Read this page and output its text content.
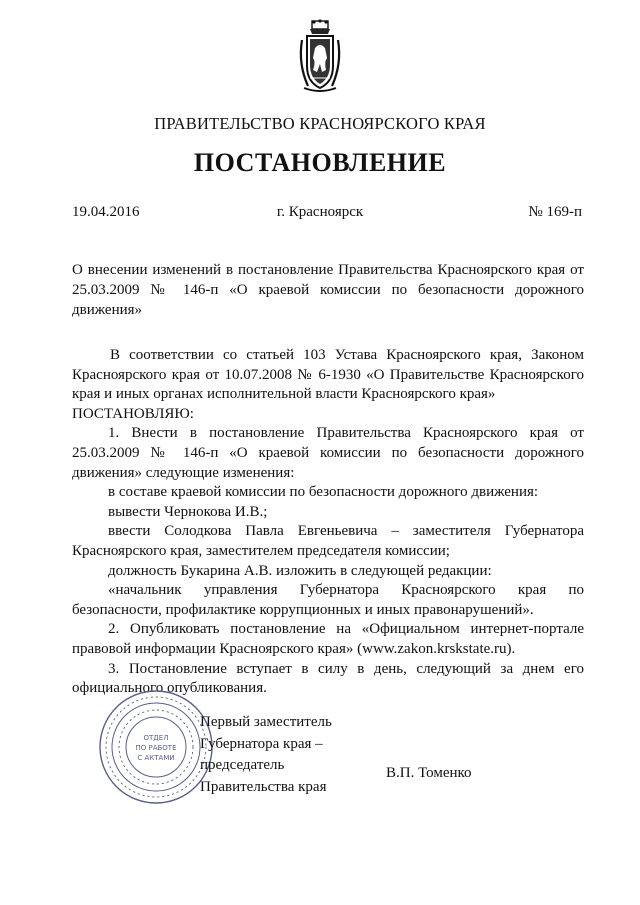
ПРАВИТЕЛЬСТВО КРАСНОЯРСКОГО КРАЯ
ПОСТАНОВЛЕНИЕ
19.04.2016	г. Красноярск	№ 169-п
О внесении изменений в постановление Правительства Красноярского края от 25.03.2009 № 146-п «О краевой комиссии по безопасности дорожного движения»

В соответствии со статьей 103 Устава Красноярского края, Законом Красноярского края от 10.07.2008 № 6-1930 «О Правительстве Красноярского края и иных органах исполнительной власти Красноярского края»

ПОСТАНОВЛЯЮ:

1. Внести в постановление Правительства Красноярского края от 25.03.2009 № 146-п «О краевой комиссии по безопасности дорожного движения» следующие изменения:

в составе краевой комиссии по безопасности дорожного движения:

вывести Чернокова И.В.;

ввести Солодкова Павла Евгеньевича – заместителя Губернатора Красноярского края, заместителем председателя комиссии;

должность Букарина А.В. изложить в следующей редакции:

«начальник управления Губернатора Красноярского края по безопасности, профилактике коррупционных и иных правонарушений».

2. Опубликовать постановление на «Официальном интернет-портале правовой информации Красноярского края» (www.zakon.krskstate.ru).

3. Постановление вступает в силу в день, следующий за днем его официального опубликования.

ОТДЕЛ
ПО РАБОТЕ
С АКТАМИ
Первый заместитель
Губернатора края –
председатель
Правительства края
В.П. Томенко
